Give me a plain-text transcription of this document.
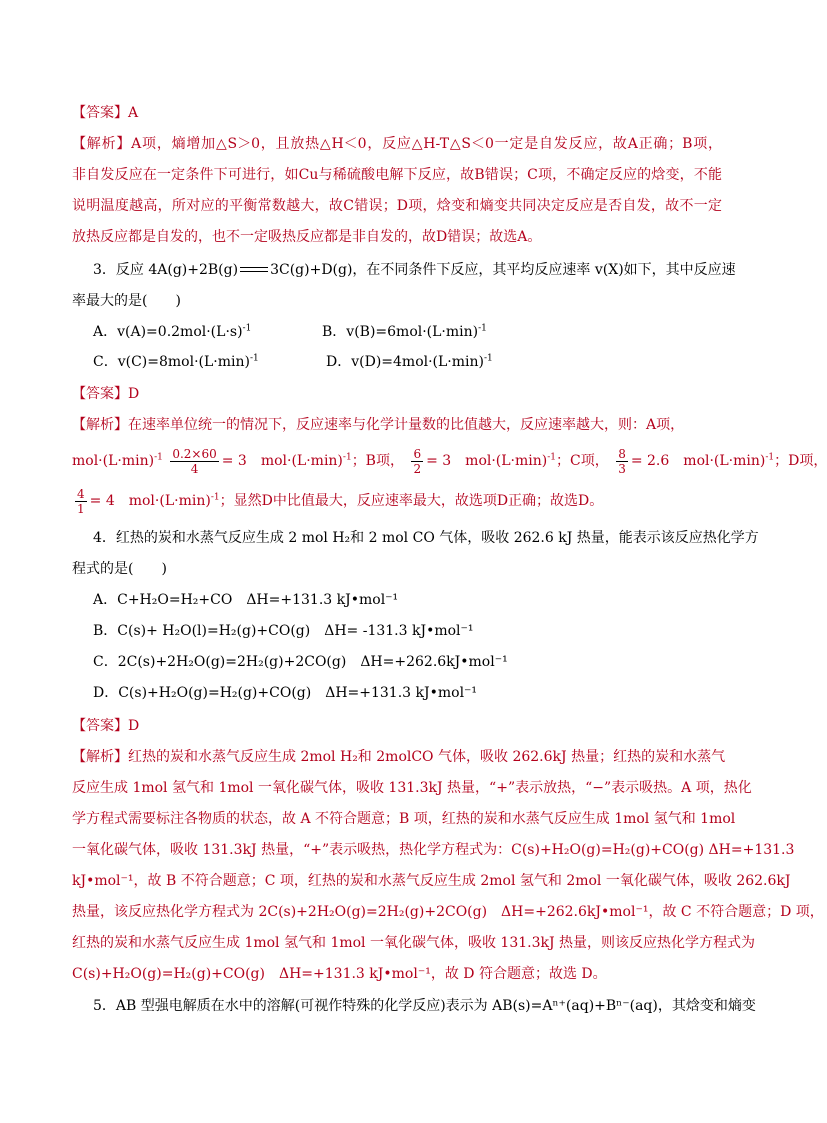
【答案】A
【解析】A项，熵增加△S＞0，且放热△H＜0，反应△H-T△S＜0一定是自发反应，故A正确；B项，
非自发反应在一定条件下可进行，如Cu与稀硫酸电解下反应，故B错误；C项，不确定反应的焓变，不能
说明温度越高，所对应的平衡常数越大，故C错误；D项，焓变和熵变共同决定反应是否自发，故不一定
放热反应都是自发的，也不一定吸热反应都是非自发的，故D错误；故选A。
3．反应 4A(g)+2B(g) 3C(g)+D(g)，在不同条件下反应，其平均反应速率 v(X)如下，其中反应速
率最大的是(　　)
A．$v(A)=0.2mol\cdot(L\cdot s)^{-1}$	B．$v(B)=6mol\cdot(L\cdot\min)^{-1}$
C．$v(C)=8mol\cdot(L\cdot\min)^{-1}$	D．$v(D)=4mol\cdot(L\cdot\min)^{-1}$
【答案】D
【解析】在速率单位统一的情况下，反应速率与化学计量数的比值越大，反应速率越大，则：A项，
$mol\cdot(L\cdot\min)^{-1} \frac{0.2\times 60}{4} = 3$　$mol\cdot(L\cdot\min)^{-1}$；B项， $\frac{6}{2} = 3$　$mol\cdot(L\cdot\min)^{-1}$；C项， $\frac{8}{3} = 2.6$　$mol\cdot(L\cdot\min)^{-1}$；D项，
$\frac{4}{1} = 4$　$mol\cdot(L\cdot\min)^{-1}$；显然D中比值最大，反应速率最大，故选项D正确；故选D。
4．红热的炭和水蒸气反应生成 2 mol H₂和 2 mol CO 气体，吸收 262.6 kJ 热量，能表示该反应热化学方
程式的是(　　)
A．C+H₂O=H₂+CO　ΔH=+131.3 kJ•mol⁻¹
B．C(s)+ H₂O(l)=H₂(g)+CO(g)　ΔH= -131.3 kJ•mol⁻¹
C．2C(s)+2H₂O(g)=2H₂(g)+2CO(g)　ΔH=+262.6kJ•mol⁻¹
D．C(s)+H₂O(g)=H₂(g)+CO(g)　ΔH=+131.3 kJ•mol⁻¹
【答案】D
【解析】红热的炭和水蒸气反应生成 2mol H₂和 2molCO 气体，吸收 262.6kJ 热量；红热的炭和水蒸气
反应生成 1mol 氢气和 1mol 一氧化碳气体，吸收 131.3kJ 热量，“+”表示放热，“−”表示吸热。A 项，热化
学方程式需要标注各物质的状态，故 A 不符合题意；B 项，红热的炭和水蒸气反应生成 1mol 氢气和 1mol
一氧化碳气体，吸收 131.3kJ 热量，“+”表示吸热，热化学方程式为：C(s)+H₂O(g)=H₂(g)+CO(g) ΔH=+131.3
kJ•mol⁻¹，故 B 不符合题意；C 项，红热的炭和水蒸气反应生成 2mol 氢气和 2mol 一氧化碳气体，吸收 262.6kJ
热量，该反应热化学方程式为 2C(s)+2H₂O(g)=2H₂(g)+2CO(g)　ΔH=+262.6kJ•mol⁻¹，故 C 不符合题意；D 项，
红热的炭和水蒸气反应生成 1mol 氢气和 1mol 一氧化碳气体，吸收 131.3kJ 热量，则该反应热化学方程式为
C(s)+H₂O(g)=H₂(g)+CO(g)　ΔH=+131.3 kJ•mol⁻¹，故 D 符合题意；故选 D。
5．AB 型强电解质在水中的溶解(可视作特殊的化学反应)表示为 AB(s)=Aⁿ⁺(aq)+Bⁿ⁻(aq)，其焓变和熵变
